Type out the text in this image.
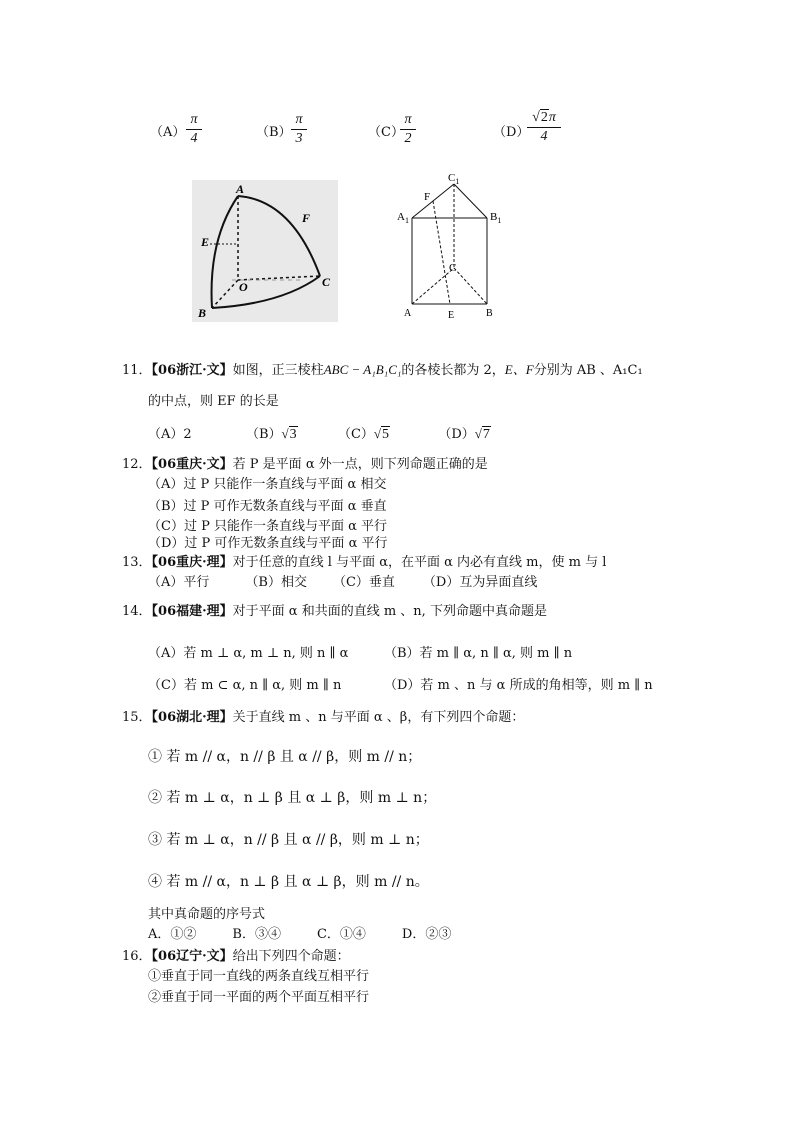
（A）
π
4	（B）
π
3	（C）
π
2	（D）
√2π
4
A
E
F
O	C
B
$C_1$
F
$A_1$	$B_1$
C
A	E	B
11．【06浙江·文】如图，正三棱柱ABC − A₁B₁C₁的各棱长都为 2，E、F分别为 AB 、A₁C₁
的中点，则 EF 的长是
（A）2	（B）√3	（C）√5	（D）√7
12．【06重庆·文】若 P 是平面 α 外一点，则下列命题正确的是
（A）过 P 只能作一条直线与平面 α 相交
（B）过 P 可作无数条直线与平面 α 垂直
（C）过 P 只能作一条直线与平面 α 平行
（D）过 P 可作无数条直线与平面 α 平行
13．【06重庆·理】对于任意的直线 l 与平面 α，在平面 α 内必有直线 m，使 m 与 l
（A）平行	（B）相交 （C）垂直 （D）互为异面直线
14．【06福建·理】对于平面 α 和共面的直线 m 、n, 下列命题中真命题是
（A）若 m ⊥ α, m ⊥ n, 则 n ∥ α	（B）若 m ∥ α, n ∥ α, 则 m ∥ n
（C）若 m ⊂ α, n ∥ α, 则 m ∥ n	（D）若 m 、n 与 α 所成的角相等，则 m ∥ n
15．【06湖北·理】关于直线 m 、n 与平面 α 、β，有下列四个命题：
① 若 m // α，n // β 且 α // β，则 m // n；
② 若 m ⊥ α，n ⊥ β 且 α ⊥ β，则 m ⊥ n；
③ 若 m ⊥ α，n // β 且 α // β，则 m ⊥ n；
④ 若 m // α，n ⊥ β 且 α ⊥ β，则 m // n。
其中真命题的序号式
A．①②	B．③④	C．①④	D．②③
16．【06辽宁·文】给出下列四个命题：
①垂直于同一直线的两条直线互相平行
②垂直于同一平面的两个平面互相平行
